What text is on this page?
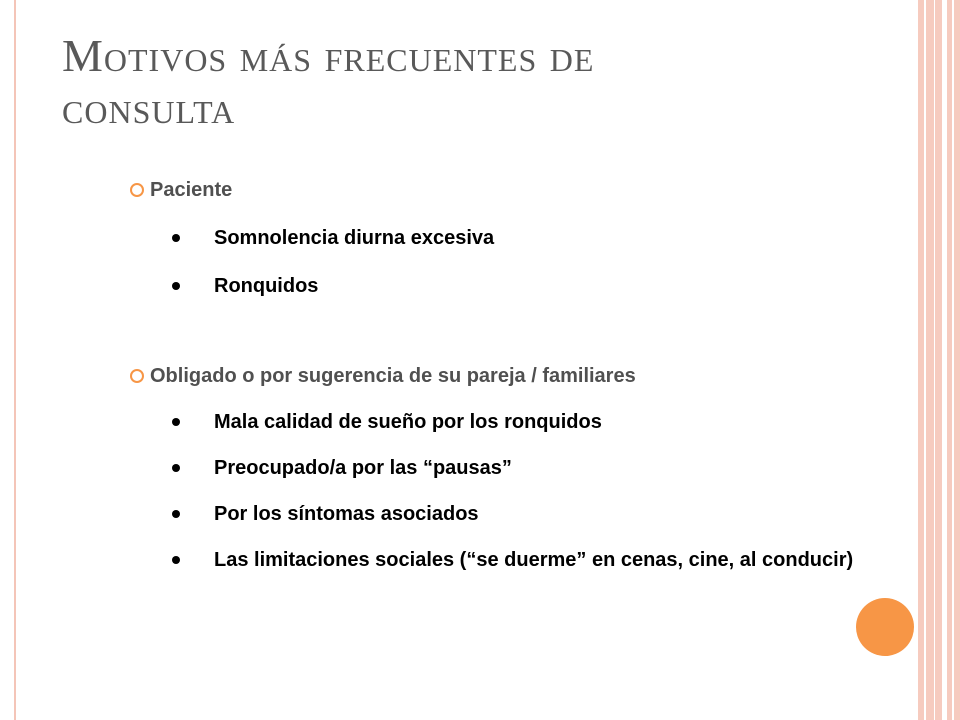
Motivos más frecuentes de
consulta
Paciente
Somnolencia diurna excesiva
Ronquidos
Obligado o por sugerencia de su pareja / familiares
Mala calidad de sueño por los ronquidos
Preocupado/a por las “pausas”
Por los síntomas asociados
Las limitaciones sociales (“se duerme” en cenas, cine, al conducir)
